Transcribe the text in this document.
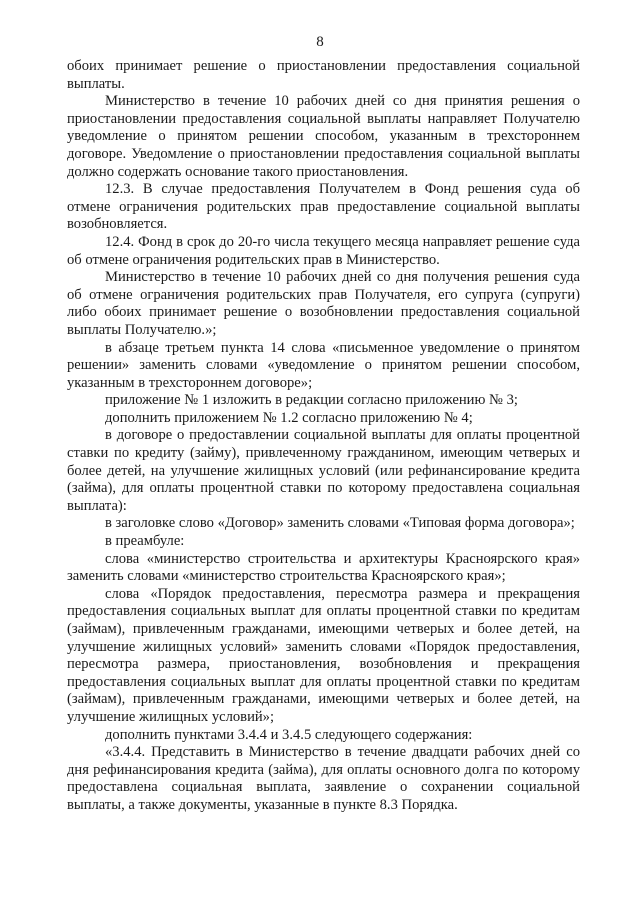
8

обоих принимает решение о приостановлении предоставления социальной выплаты.

Министерство в течение 10 рабочих дней со дня принятия решения о приостановлении предоставления социальной выплаты направляет Получателю уведомление о принятом решении способом, указанным в трехстороннем договоре. Уведомление о приостановлении предоставления социальной выплаты должно содержать основание такого приостановления.

12.3. В случае предоставления Получателем в Фонд решения суда об отмене ограничения родительских прав предоставление социальной выплаты возобновляется.

12.4. Фонд в срок до 20-го числа текущего месяца направляет решение суда об отмене ограничения родительских прав в Министерство.

Министерство в течение 10 рабочих дней со дня получения решения суда об отмене ограничения родительских прав Получателя, его супруга (супруги) либо обоих принимает решение о возобновлении предоставления социальной выплаты Получателю.»;

в абзаце третьем пункта 14 слова «письменное уведомление о принятом решении» заменить словами «уведомление о принятом решении способом, указанным в трехстороннем договоре»;

приложение № 1 изложить в редакции согласно приложению № 3;

дополнить приложением № 1.2 согласно приложению № 4;

в договоре о предоставлении социальной выплаты для оплаты процентной ставки по кредиту (займу), привлеченному гражданином, имеющим четверых и более детей, на улучшение жилищных условий (или рефинансирование кредита (займа), для оплаты процентной ставки по которому предоставлена социальная выплата):

в заголовке слово «Договор» заменить словами «Типовая форма договора»;

в преамбуле:

слова «министерство строительства и архитектуры Красноярского края» заменить словами «министерство строительства Красноярского края»;

слова «Порядок предоставления, пересмотра размера и прекращения предоставления социальных выплат для оплаты процентной ставки по кредитам (займам), привлеченным гражданами, имеющими четверых и более детей, на улучшение жилищных условий» заменить словами «Порядок предоставления, пересмотра размера, приостановления, возобновления и прекращения предоставления социальных выплат для оплаты процентной ставки по кредитам (займам), привлеченным гражданами, имеющими четверых и более детей, на улучшение жилищных условий»;

дополнить пунктами 3.4.4 и 3.4.5 следующего содержания:

«3.4.4. Представить в Министерство в течение двадцати рабочих дней со дня рефинансирования кредита (займа), для оплаты основного долга по которому предоставлена социальная выплата, заявление о сохранении социальной выплаты, а также документы, указанные в пункте 8.3 Порядка.
